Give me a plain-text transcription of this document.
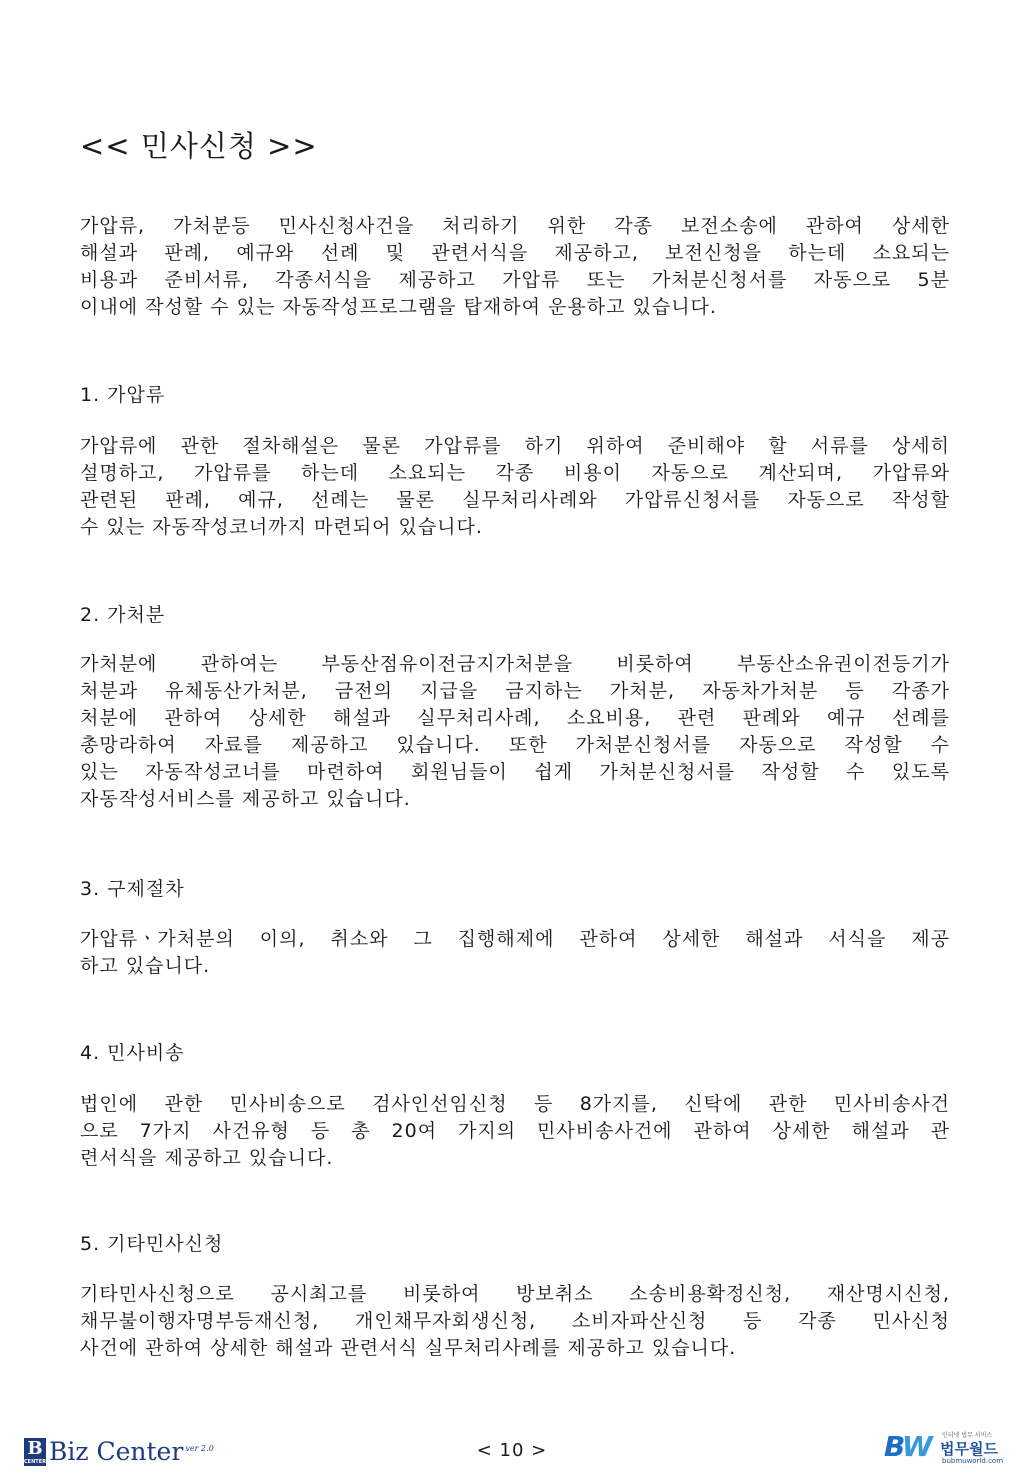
<< 민사신청 >>
가압류, 가처분등 민사신청사건을 처리하기 위한 각종 보전소송에 관하여 상세한
해설과 판례, 예규와 선례 및 관련서식을 제공하고, 보전신청을 하는데 소요되는
비용과 준비서류, 각종서식을 제공하고 가압류 또는 가처분신청서를 자동으로 5분
이내에 작성할 수 있는 자동작성프로그램을 탑재하여 운용하고 있습니다.
1. 가압류
가압류에 관한 절차해설은 물론 가압류를 하기 위하여 준비해야 할 서류를 상세히
설명하고, 가압류를 하는데 소요되는 각종 비용이 자동으로 계산되며, 가압류와
관련된 판례, 예규, 선례는 물론 실무처리사례와 가압류신청서를 자동으로 작성할
수 있는 자동작성코너까지 마련되어 있습니다.
2. 가처분
가처분에 관하여는 부동산점유이전금지가처분을 비롯하여 부동산소유권이전등기가
처분과 유체동산가처분, 금전의 지급을 금지하는 가처분, 자동차가처분 등 각종가
처분에 관하여 상세한 해설과 실무처리사례, 소요비용, 관련 판례와 예규 선례를
총망라하여 자료를 제공하고 있습니다. 또한 가처분신청서를 자동으로 작성할 수
있는 자동작성코너를 마련하여 회원님들이 쉽게 가처분신청서를 작성할 수 있도록
자동작성서비스를 제공하고 있습니다.
3. 구제절차
가압류ㆍ가처분의 이의, 취소와 그 집행해제에 관하여 상세한 해설과 서식을 제공
하고 있습니다.
4. 민사비송
법인에 관한 민사비송으로 검사인선임신청 등 8가지를, 신탁에 관한 민사비송사건
으로 7가지 사건유형 등 총 20여 가지의 민사비송사건에 관하여 상세한 해설과 관
련서식을 제공하고 있습니다.
5. 기타민사신청
기타민사신청으로 공시최고를 비롯하여 방보취소 소송비용확정신청, 재산명시신청,
채무불이행자명부등재신청, 개인채무자회생신청, 소비자파산신청 등 각종 민사신청
사건에 관하여 상세한 해설과 관련서식 실무처리사례를 제공하고 있습니다.
B
CENTER Biz Center ver 2.0	< 10 >	BW 인터넷 법무 서비스
법무월드
bubmuworld.com
